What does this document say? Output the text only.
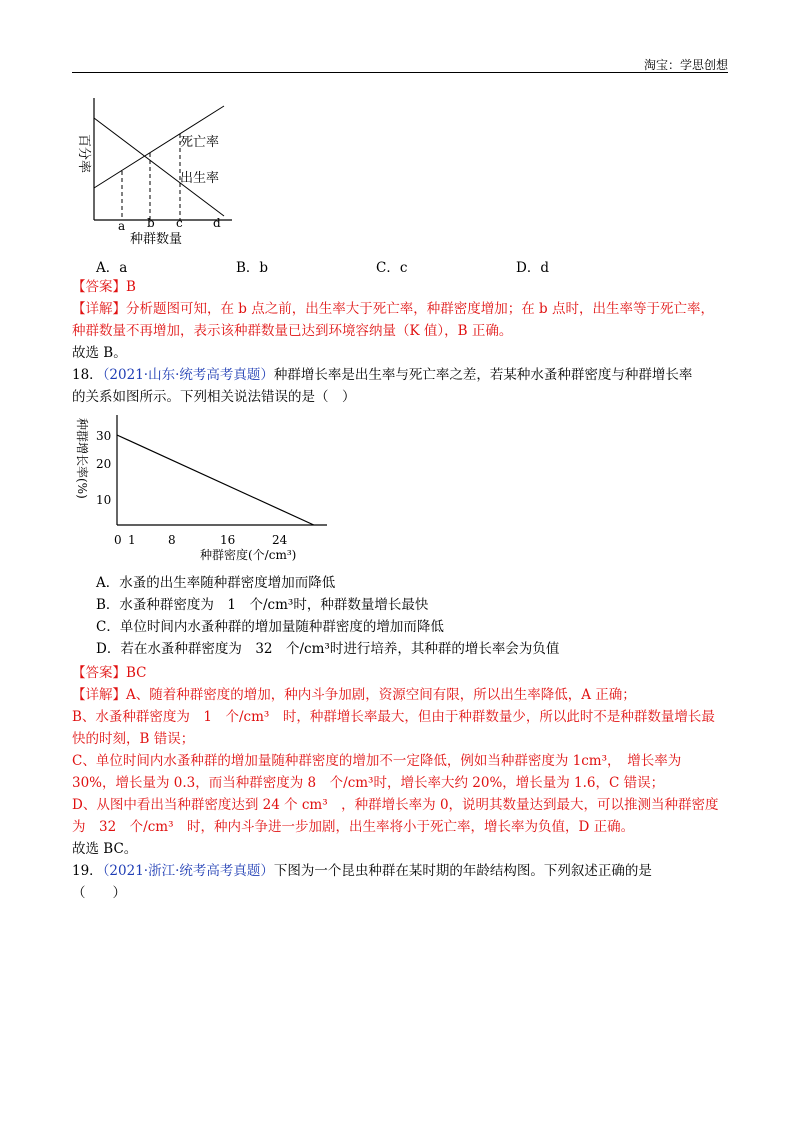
淘宝：学思创想
a b c	d
种群数量
百分率	死亡率
出生率
A．a	B．b	C．c	D．d
【答案】B
【详解】分析题图可知，在 b 点之前，出生率大于死亡率，种群密度增加；在 b 点时，出生率等于死亡率，
种群数量不再增加，表示该种群数量已达到环境容纳量（K 值），B 正确。
故选 B。
18．（2021·山东·统考高考真题）种群增长率是出生率与死亡率之差，若某种水蚤种群密度与种群增长率
的关系如图所示。下列相关说法错误的是（　）
30
20
10
0 1	8	16	24
种群密度(个/cm³)
种群增长率(%)
A．水蚤的出生率随种群密度增加而降低
B．水蚤种群密度为　1　个/cm³时，种群数量增长最快
C．单位时间内水蚤种群的增加量随种群密度的增加而降低
D．若在水蚤种群密度为　32　个/cm³时进行培养，其种群的增长率会为负值
【答案】BC
【详解】A、随着种群密度的增加，种内斗争加剧，资源空间有限，所以出生率降低，A 正确；
B、水蚤种群密度为　1　个/cm³　时，种群增长率最大，但由于种群数量少，所以此时不是种群数量增长最
快的时刻，B 错误；
C、单位时间内水蚤种群的增加量随种群密度的增加不一定降低，例如当种群密度为 1cm³，　增长率为
30%，增长量为 0.3，而当种群密度为 8　个/cm³时，增长率大约 20%，增长量为 1.6，C 错误；
D、从图中看出当种群密度达到 24 个 cm³　，种群增长率为 0，说明其数量达到最大，可以推测当种群密度
为　32　个/cm³　时，种内斗争进一步加剧，出生率将小于死亡率，增长率为负值，D 正确。
故选 BC。
19．（2021·浙江·统考高考真题）下图为一个昆虫种群在某时期的年龄结构图。下列叙述正确的是
（　　）
